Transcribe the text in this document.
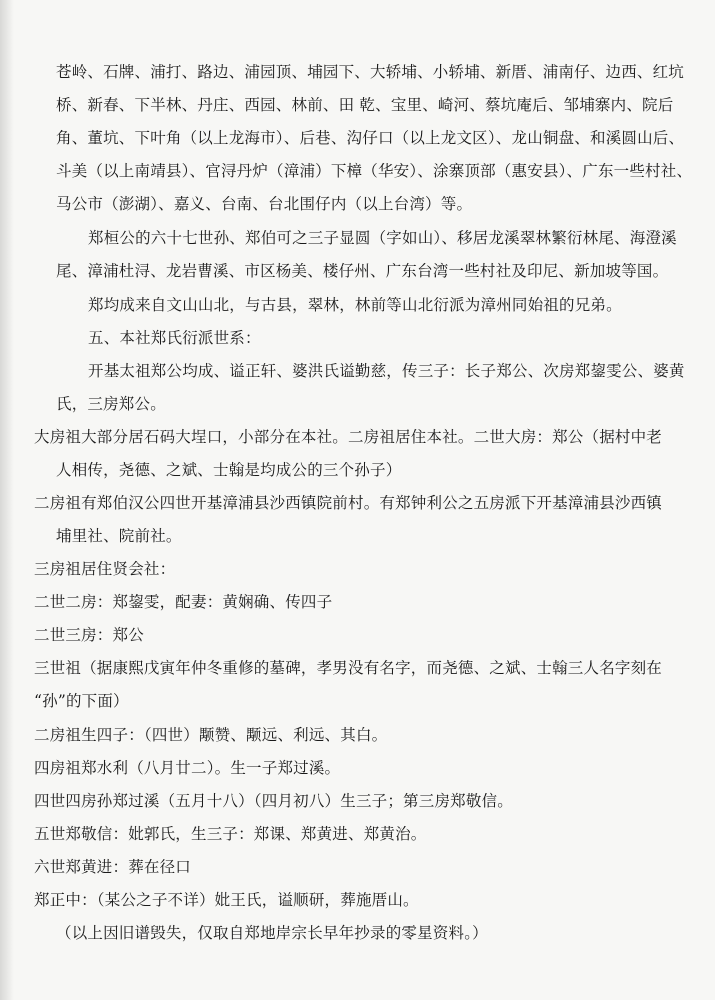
苍岭、石牌、浦打、路边、浦园顶、埔园下、大轿埔、小轿埔、新厝、浦南仔、边西、红坑
桥、新春、下半林、丹庄、西园、林前、田 乾、宝里、崎河、蔡坑庵后、邹埔寨内、院后
角、董坑、下叶角（以上龙海市）、后巷、沟仔口（以上龙文区）、龙山铜盘、和溪圆山后、
斗美（以上南靖县）、官浔丹炉（漳浦）下樟（华安）、涂寨顶部（惠安县）、广东一些村社、
马公市（澎湖）、嘉义、台南、台北围仔内（以上台湾）等。
郑桓公的六十七世孙、郑伯可之三子显圆（字如山）、移居龙溪翠林繁衍林尾、海澄溪
尾、漳浦杜浔、龙岩曹溪、市区杨美、楼仔州、广东台湾一些村社及印尼、新加坡等国。
郑均成来自文山山北，与古县，翠林，林前等山北衍派为漳州同始祖的兄弟。
五、本社郑氏衍派世系：
开基太祖郑公均成、谥正轩、婆洪氏谥勤慈，传三子：长子郑公、次房郑鋆雯公、婆黄
氏，三房郑公。
大房祖大部分居石码大埕口，小部分在本社。二房祖居住本社。二世大房：郑公（据村中老
人相传，尧德、之斌、士翰是均成公的三个孙子）
二房祖有郑伯汉公四世开基漳浦县沙西镇院前村。有郑钟利公之五房派下开基漳浦县沙西镇
埔里社、院前社。
三房祖居住贤会社：
二世二房：郑鋆雯，配妻：黄娴确、传四子
二世三房：郑公
三世祖（据康熙戊寅年仲冬重修的墓碑，孝男没有名字，而尧德、之斌、士翰三人名字刻在
“孙”的下面）
二房祖生四子：（四世）颙赞、颙远、利远、其白。
四房祖郑水利（八月廿二）。生一子郑过溪。
四世四房孙郑过溪（五月十八）（四月初八）生三子；第三房郑敬信。
五世郑敬信：妣郭氏，生三子：郑课、郑黄进、郑黄治。
六世郑黄进：葬在径口
郑正中：（某公之子不详）妣王氏，谥顺研，葬施厝山。
（以上因旧谱毁失，仅取自郑地岸宗长早年抄录的零星资料。）
